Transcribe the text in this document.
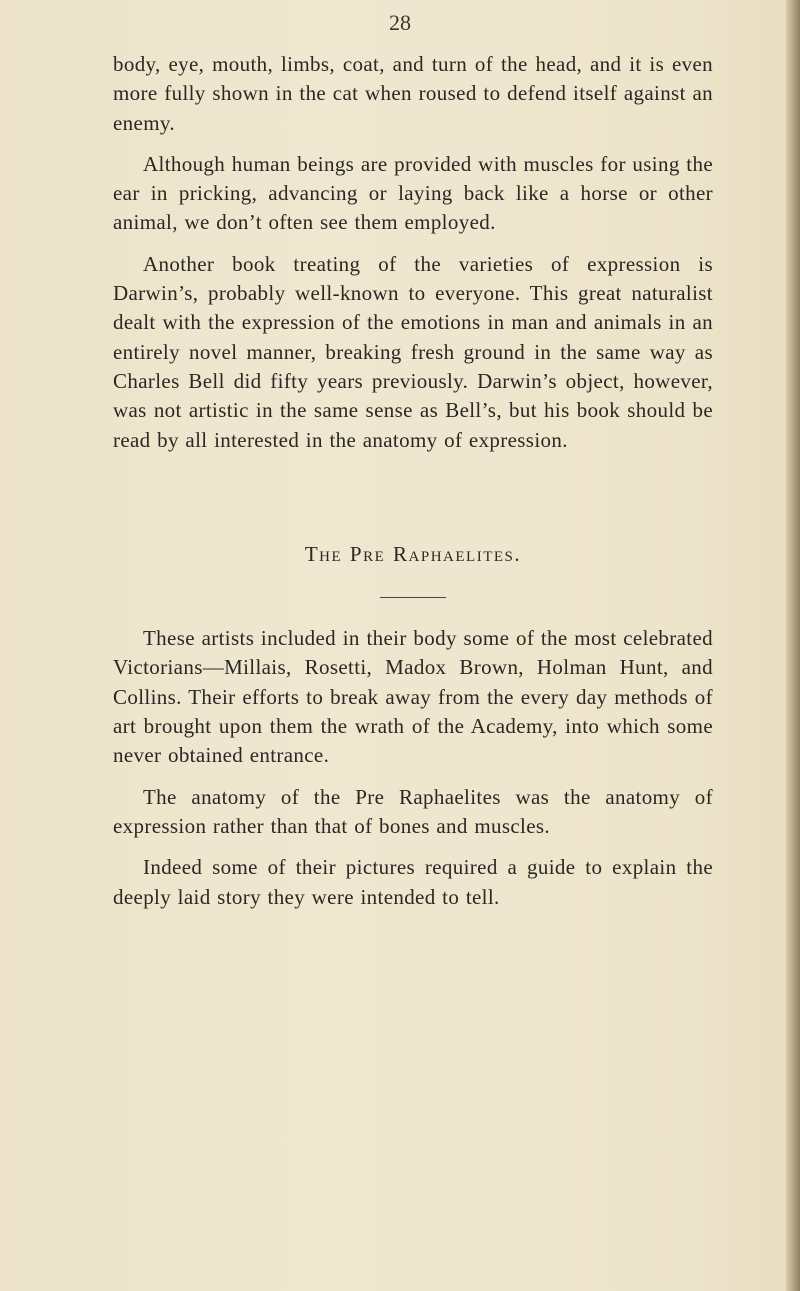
28

body, eye, mouth, limbs, coat, and turn of the head, and it is even more fully shown in the cat when roused to defend itself against an enemy.

Although human beings are provided with muscles for using the ear in pricking, advancing or laying back like a horse or other animal, we don’t often see them employed.

Another book treating of the varieties of expression is Darwin’s, probably well-known to everyone. This great naturalist dealt with the expression of the emotions in man and animals in an entirely novel manner, breaking fresh ground in the same way as Charles Bell did fifty years previously. Darwin’s object, however, was not artistic in the same sense as Bell’s, but his book should be read by all interested in the anatomy of expression.

The Pre Raphaelites.

These artists included in their body some of the most celebrated Victorians—Millais, Rosetti, Madox Brown, Holman Hunt, and Collins. Their efforts to break away from the every day methods of art brought upon them the wrath of the Academy, into which some never obtained entrance.

The anatomy of the Pre Raphaelites was the anatomy of expression rather than that of bones and muscles.

Indeed some of their pictures required a guide to explain the deeply laid story they were intended to tell.
